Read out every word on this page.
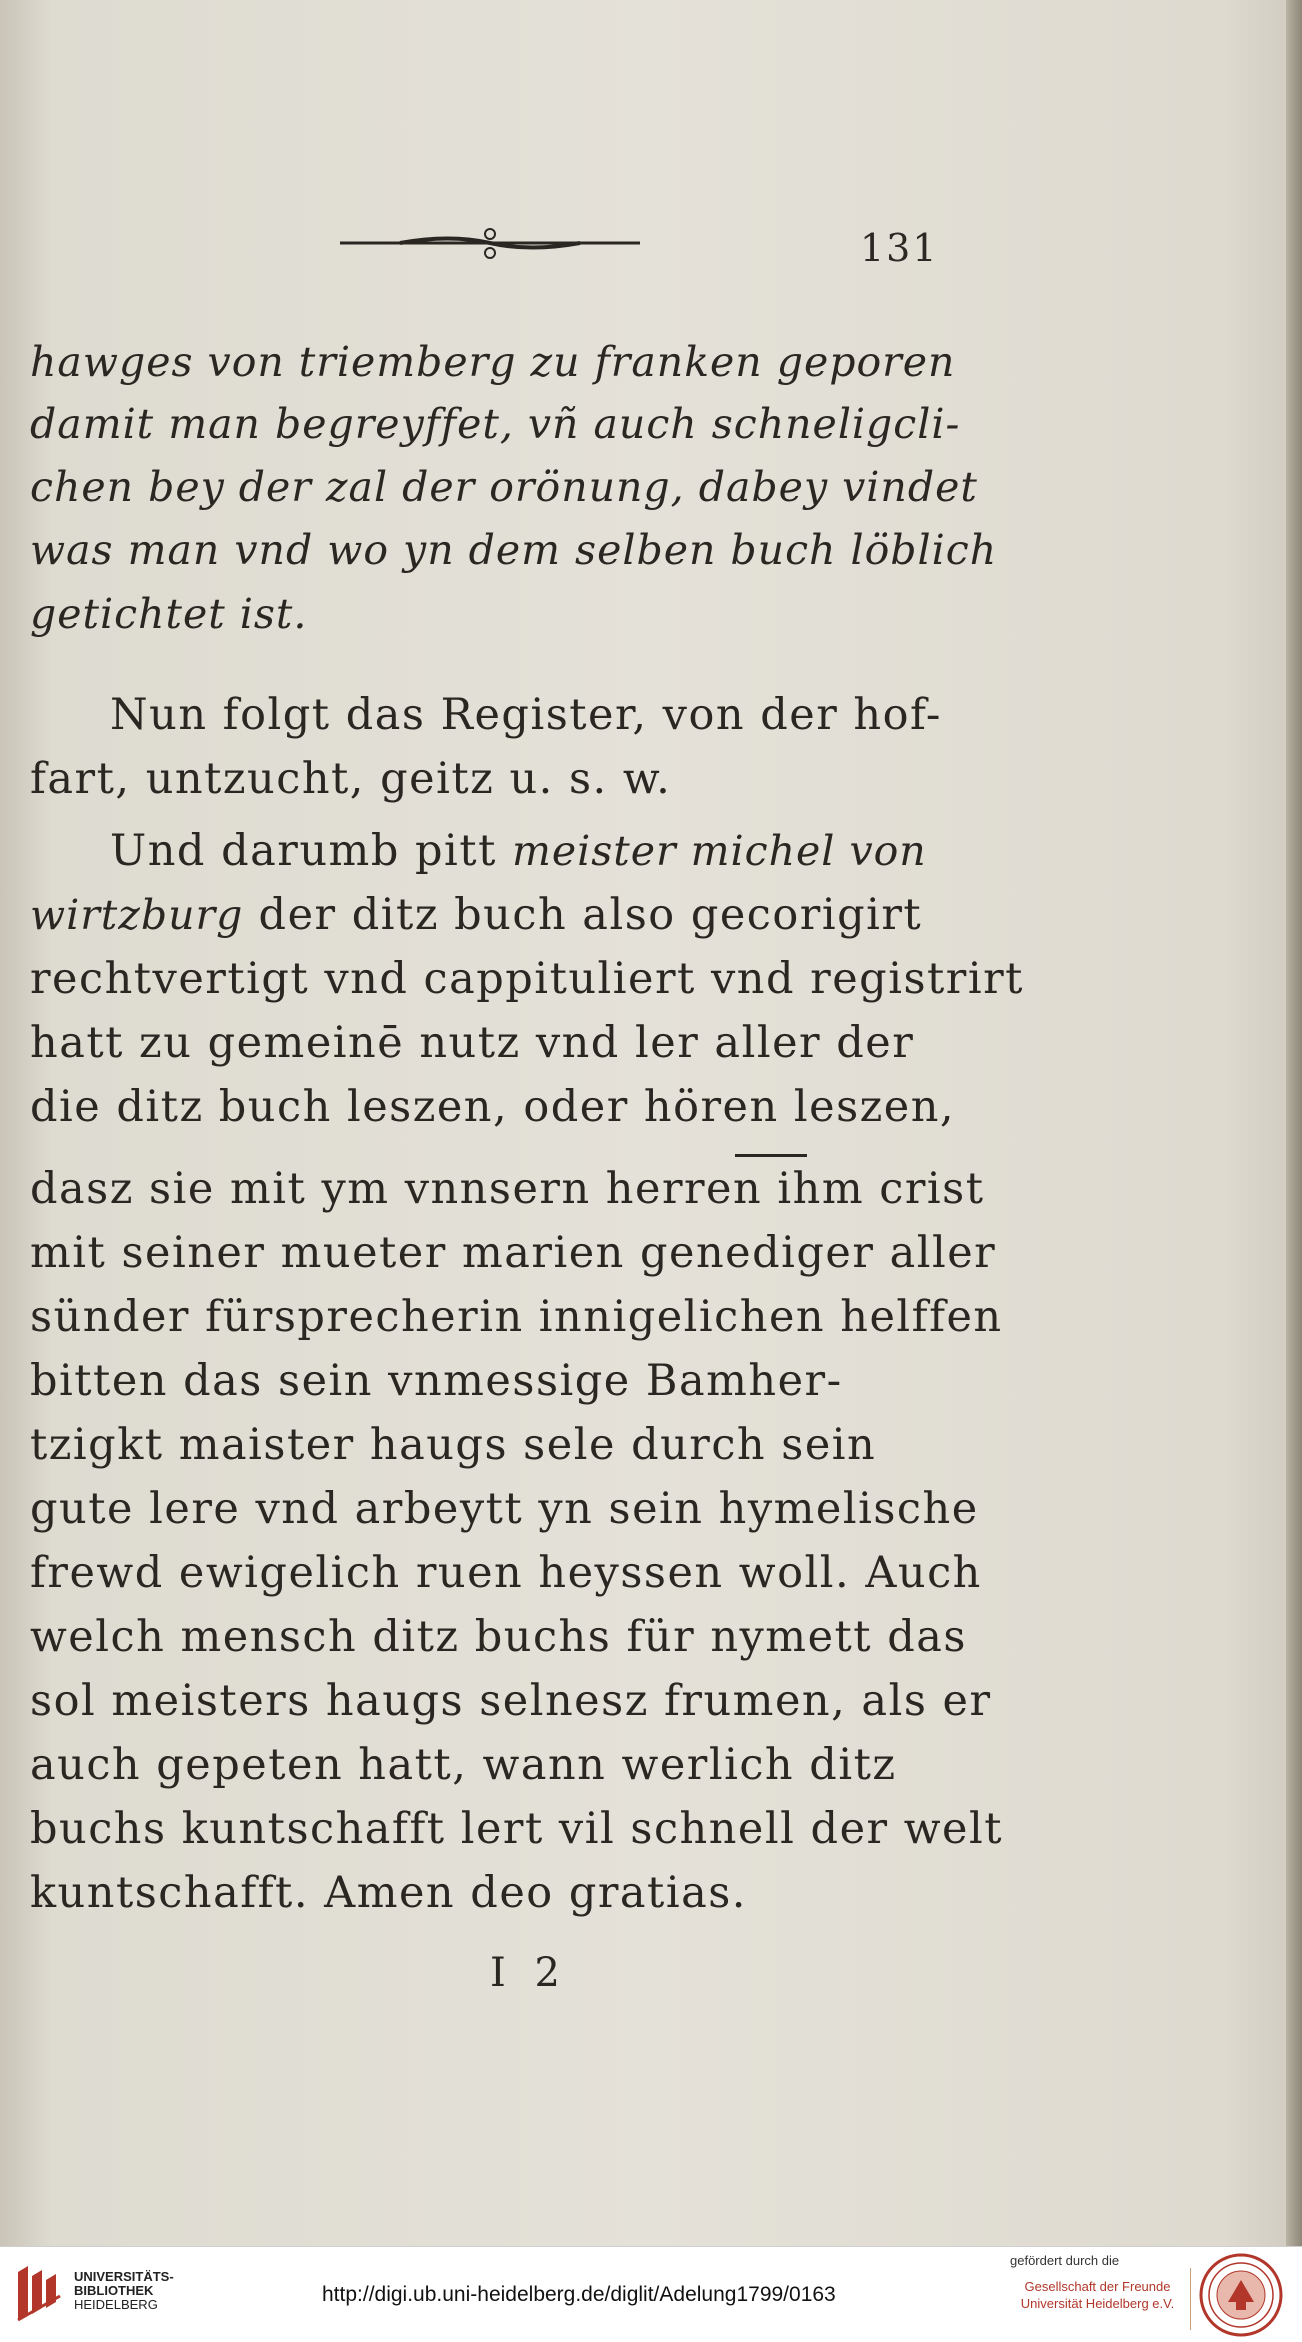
131
hawges von triemberg zu franken geporen
damit man begreyffet, vñ auch schneligcli-
chen bey der zal der orönung, dabey vindet
was man vnd wo yn dem selben buch löblich
getichtet ist.
Nun folgt das Register, von der hof-
fart, untzucht, geitz u. s. w.
Und darumb pitt meister michel von
wirtzburg der ditz buch also gecorigirt
rechtvertigt vnd cappituliert vnd registrirt
hatt zu gemeinē nutz vnd ler aller der
die ditz buch leszen, oder hören leszen,
dasz sie mit ym vnnsern herren ihm crist
mit seiner mueter marien genediger aller
sünder fürsprecherin innigelichen helffen
bitten das sein vnmessige Bamher-
tzigkt maister haugs sele durch sein
gute lere vnd arbeytt yn sein hymelische
frewd ewigelich ruen heyssen woll. Auch
welch mensch ditz buchs für nymett das
sol meisters haugs selnesz frumen, als er
auch gepeten hatt, wann werlich ditz
buchs kuntschafft lert vil schnell der welt
kuntschafft. Amen deo gratias.
I 2
UNIVERSITÄTS-
BIBLIOTHEK
HEIDELBERG	http://digi.ub.uni-heidelberg.de/diglit/Adelung1799/0163
gefördert durch die
Gesellschaft der Freunde
Universität Heidelberg e.V.
